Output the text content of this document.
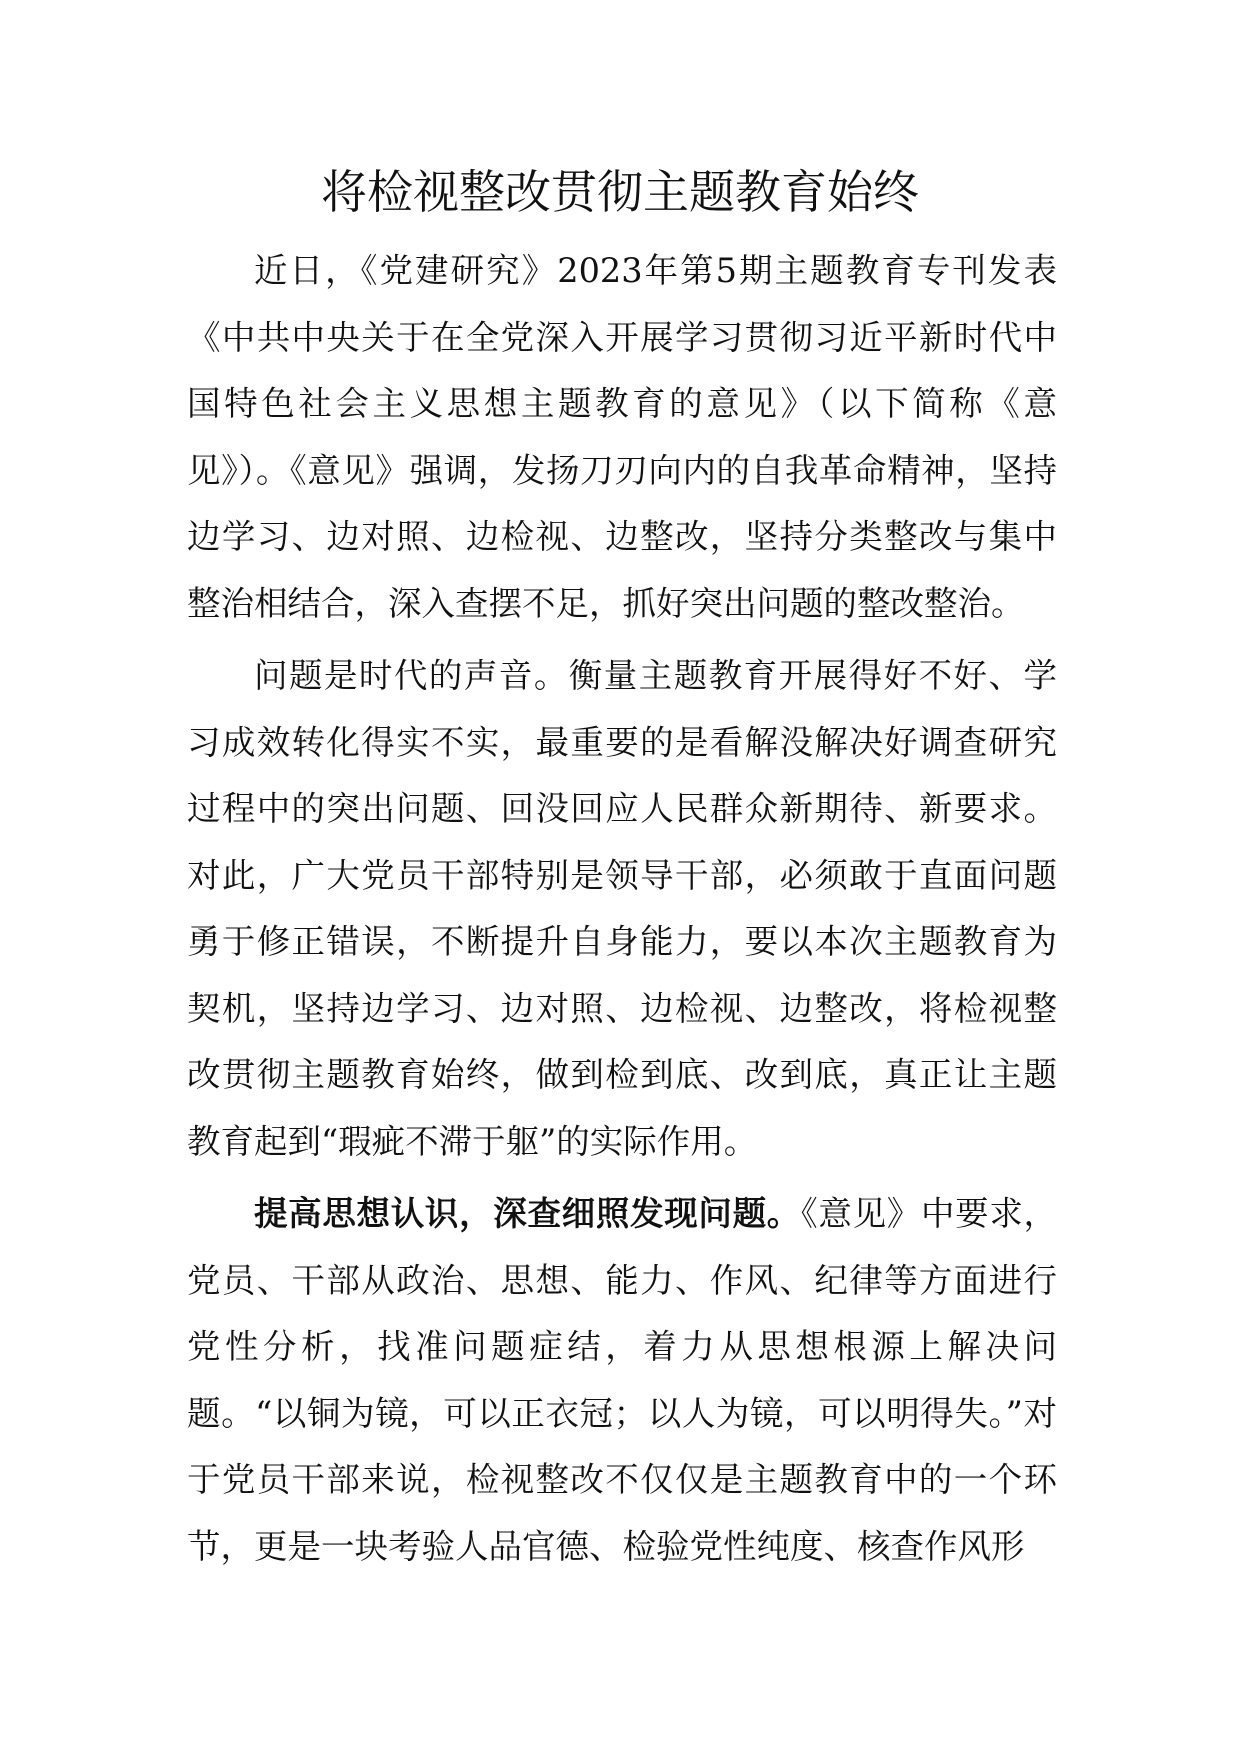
将检视整改贯彻主题教育始终

近日，《党建研究》2023年第5期主题教育专刊发表《中共中央关于在全党深入开展学习贯彻习近平新时代中国特色社会主义思想主题教育的意见》（以下简称《意见》）。《意见》强调，发扬刀刃向内的自我革命精神，坚持边学习、边对照、边检视、边整改，坚持分类整改与集中整治相结合，深入查摆不足，抓好突出问题的整改整治。

问题是时代的声音。衡量主题教育开展得好不好、学习成效转化得实不实，最重要的是看解没解决好调查研究过程中的突出问题、回没回应人民群众新期待、新要求。对此，广大党员干部特别是领导干部，必须敢于直面问题勇于修正错误，不断提升自身能力，要以本次主题教育为契机，坚持边学习、边对照、边检视、边整改，将检视整改贯彻主题教育始终，做到检到底、改到底，真正让主题教育起到“瑕疵不滞于躯”的实际作用。

提高思想认识，深查细照发现问题。《意见》中要求，党员、干部从政治、思想、能力、作风、纪律等方面进行党性分析，找准问题症结，着力从思想根源上解决问题。“以铜为镜，可以正衣冠；以人为镜，可以明得失。”对于党员干部来说，检视整改不仅仅是主题教育中的一个环节，更是一块考验人品官德、检验党性纯度、核查作风形
